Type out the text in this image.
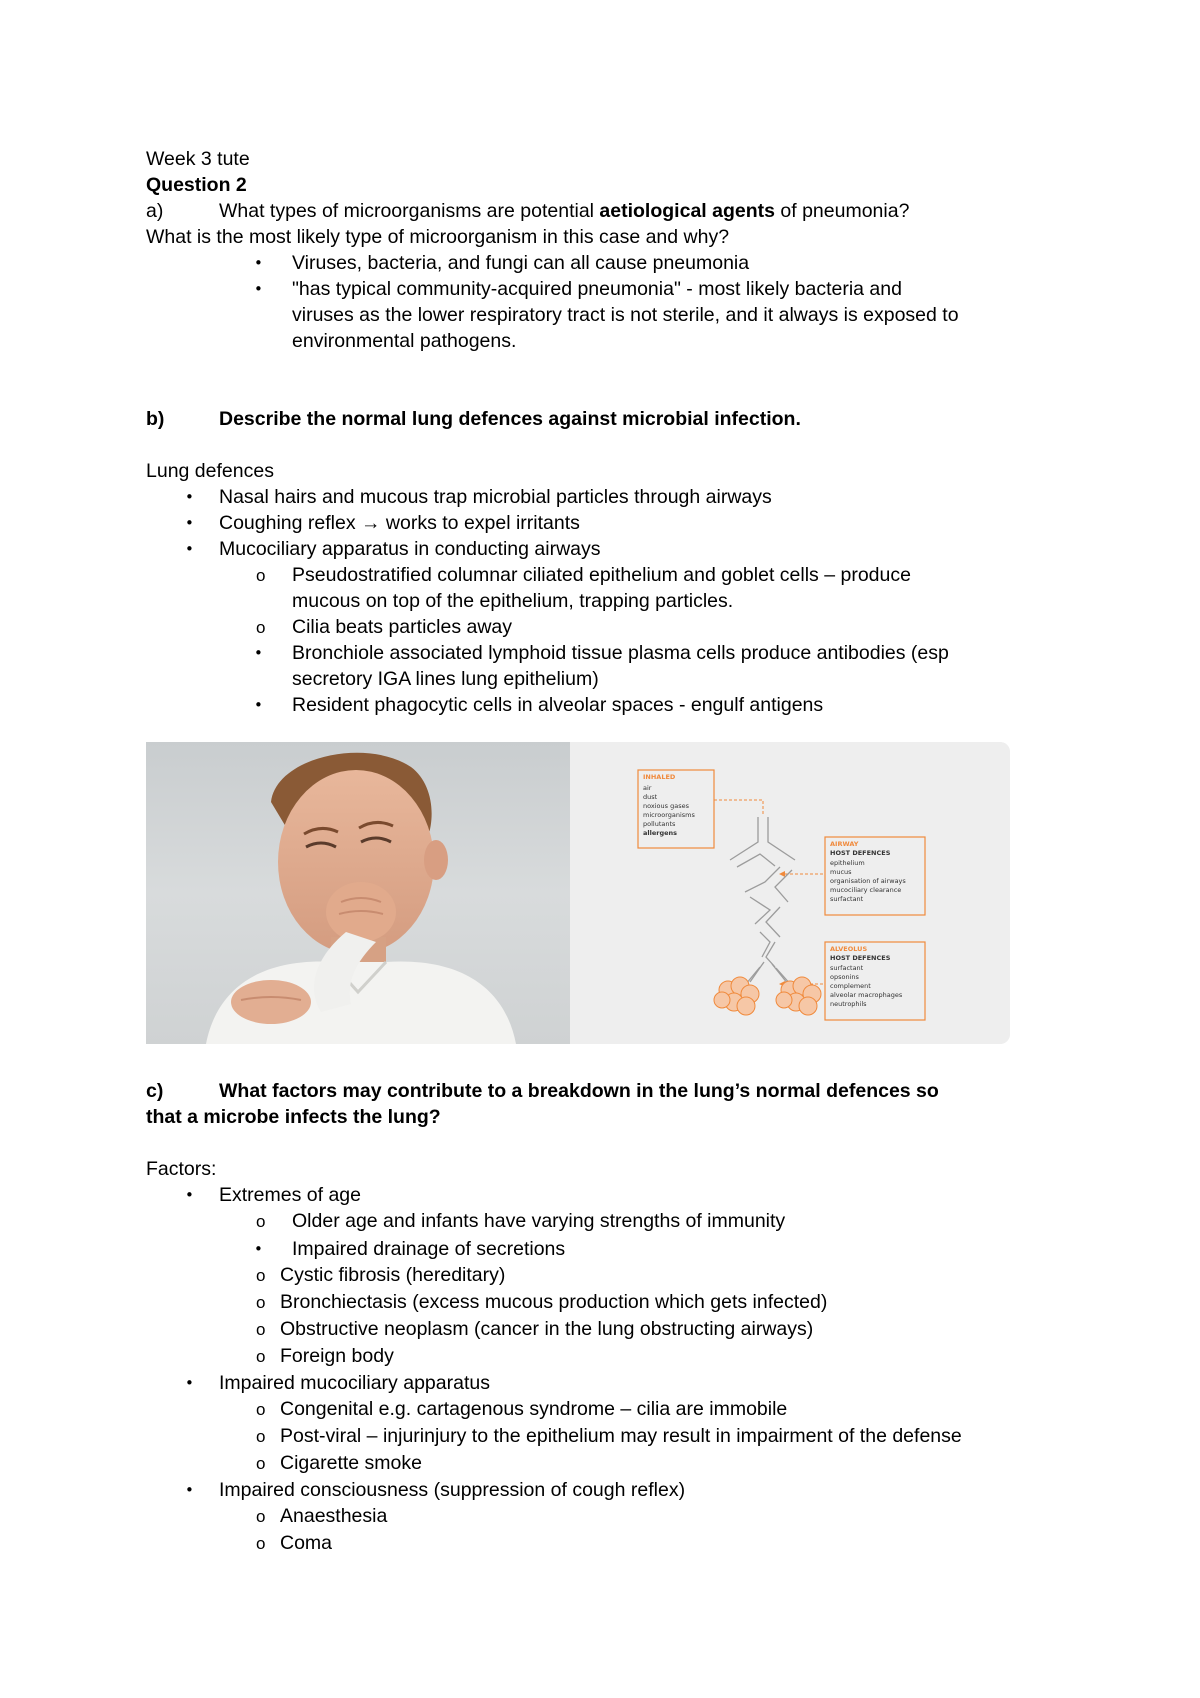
Week 3 tute
Question 2
a)	What types of microorganisms are potential aetiological agents of pneumonia?
What is the most likely type of microorganism in this case and why?
• Viruses, bacteria, and fungi can all cause pneumonia
• "has typical community-acquired pneumonia" - most likely bacteria and
viruses as the lower respiratory tract is not sterile, and it always is exposed to
environmental pathogens.
b)	Describe the normal lung defences against microbial infection.
Lung defences
• Nasal hairs and mucous trap microbial particles through airways
• Coughing reflex → works to expel irritants
• Mucociliary apparatus in conducting airways
o Pseudostratified columnar ciliated epithelium and goblet cells – produce
mucous on top of the epithelium, trapping particles.
o Cilia beats particles away
• Bronchiole associated lymphoid tissue plasma cells produce antibodies (esp
secretory IGA lines lung epithelium)
• Resident phagocytic cells in alveolar spaces - engulf antigens
INHALED
air
dust
noxious gases
microorganisms
pollutants
allergens
AIRWAY
HOST DEFENCES
epithelium
mucus
organisation of airways
mucociliary clearance
surfactant
ALVEOLUS
HOST DEFENCES
surfactant
opsonins
complement
alveolar macrophages
neutrophils
c)	What factors may contribute to a breakdown in the lung’s normal defences so
that a microbe infects the lung?
Factors:
• Extremes of age
o Older age and infants have varying strengths of immunity
• Impaired drainage of secretions
o Cystic fibrosis (hereditary)
o Bronchiectasis (excess mucous production which gets infected)
o Obstructive neoplasm (cancer in the lung obstructing airways)
o Foreign body
• Impaired mucociliary apparatus
o Congenital e.g. cartagenous syndrome – cilia are immobile
o Post-viral – injurinjury to the epithelium may result in impairment of the defense
o Cigarette smoke
• Impaired consciousness (suppression of cough reflex)
o Anaesthesia
o Coma
